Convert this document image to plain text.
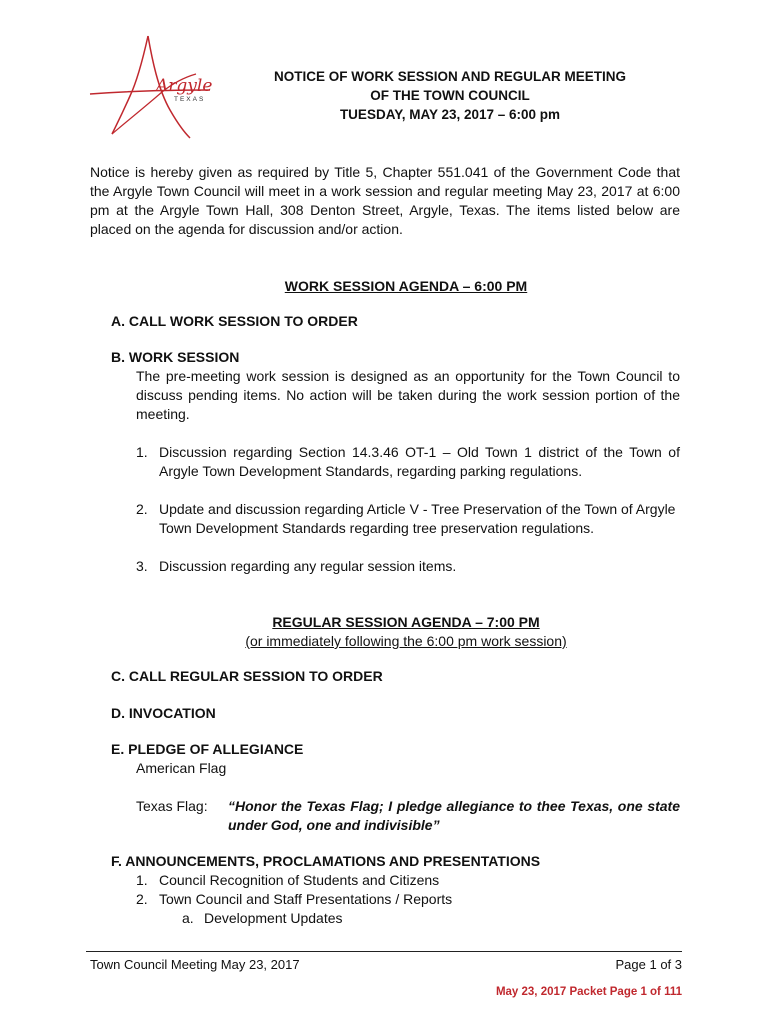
Argyle
TEXAS
NOTICE OF WORK SESSION AND REGULAR MEETING
OF THE TOWN COUNCIL
TUESDAY, MAY 23, 2017 – 6:00 pm
Notice is hereby given as required by Title 5, Chapter 551.041 of the Government Code that the Argyle Town Council will meet in a work session and regular meeting May 23, 2017 at 6:00 pm at the Argyle Town Hall, 308 Denton Street, Argyle, Texas. The items listed below are placed on the agenda for discussion and/or action.
WORK SESSION AGENDA – 6:00 PM
A. CALL WORK SESSION TO ORDER
B. WORK SESSION
The pre-meeting work session is designed as an opportunity for the Town Council to discuss pending items. No action will be taken during the work session portion of the meeting.
1. Discussion regarding Section 14.3.46 OT-1 – Old Town 1 district of the Town of Argyle Town Development Standards, regarding parking regulations.
2. Update and discussion regarding Article V - Tree Preservation of the Town of Argyle Town Development Standards regarding tree preservation regulations.
3. Discussion regarding any regular session items.
REGULAR SESSION AGENDA – 7:00 PM
(or immediately following the 6:00 pm work session)
C. CALL REGULAR SESSION TO ORDER
D. INVOCATION
E. PLEDGE OF ALLEGIANCE
American Flag
Texas Flag: “Honor the Texas Flag; I pledge allegiance to thee Texas, one state under God, one and indivisible”
F. ANNOUNCEMENTS, PROCLAMATIONS AND PRESENTATIONS
1. Council Recognition of Students and Citizens
2. Town Council and Staff Presentations / Reports
a. Development Updates
Town Council Meeting May 23, 2017	Page 1 of 3
May 23, 2017 Packet Page 1 of 111
